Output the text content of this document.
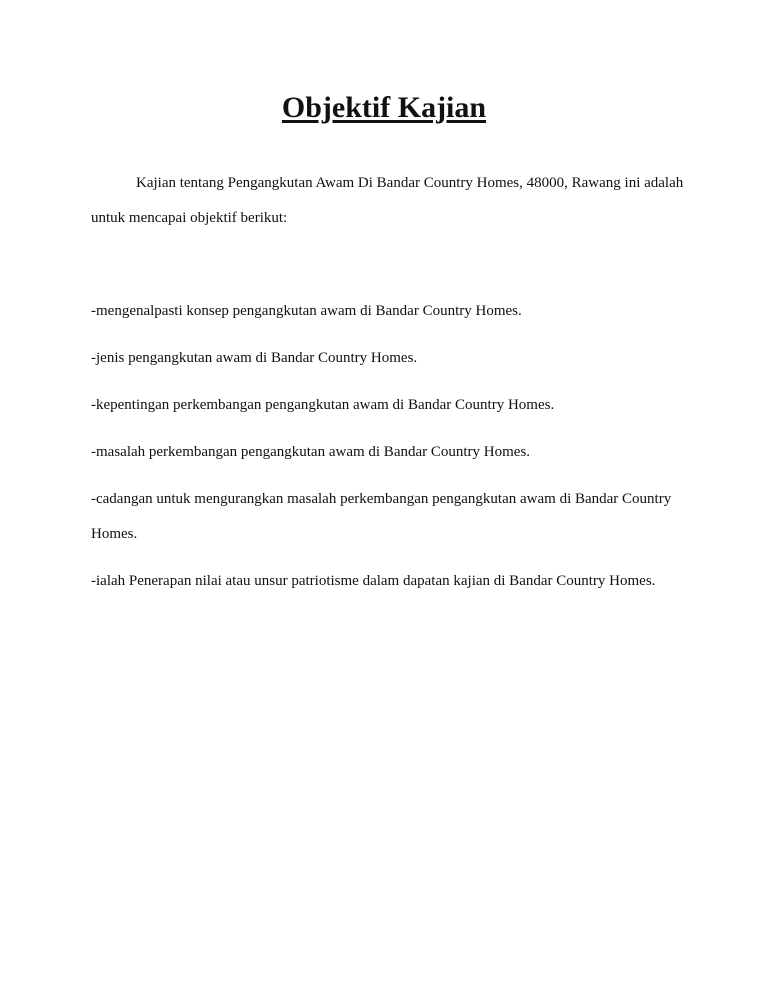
Objektif Kajian

Kajian tentang Pengangkutan Awam Di Bandar Country Homes, 48000, Rawang ini adalah untuk mencapai objektif berikut:

-mengenalpasti konsep pengangkutan awam di Bandar Country Homes.
-jenis pengangkutan awam di Bandar Country Homes.
-kepentingan perkembangan pengangkutan awam di Bandar Country Homes.
-masalah perkembangan pengangkutan awam di Bandar Country Homes.
-cadangan untuk mengurangkan masalah perkembangan pengangkutan awam di Bandar Country Homes.
-ialah Penerapan nilai atau unsur patriotisme dalam dapatan kajian di Bandar Country Homes.
